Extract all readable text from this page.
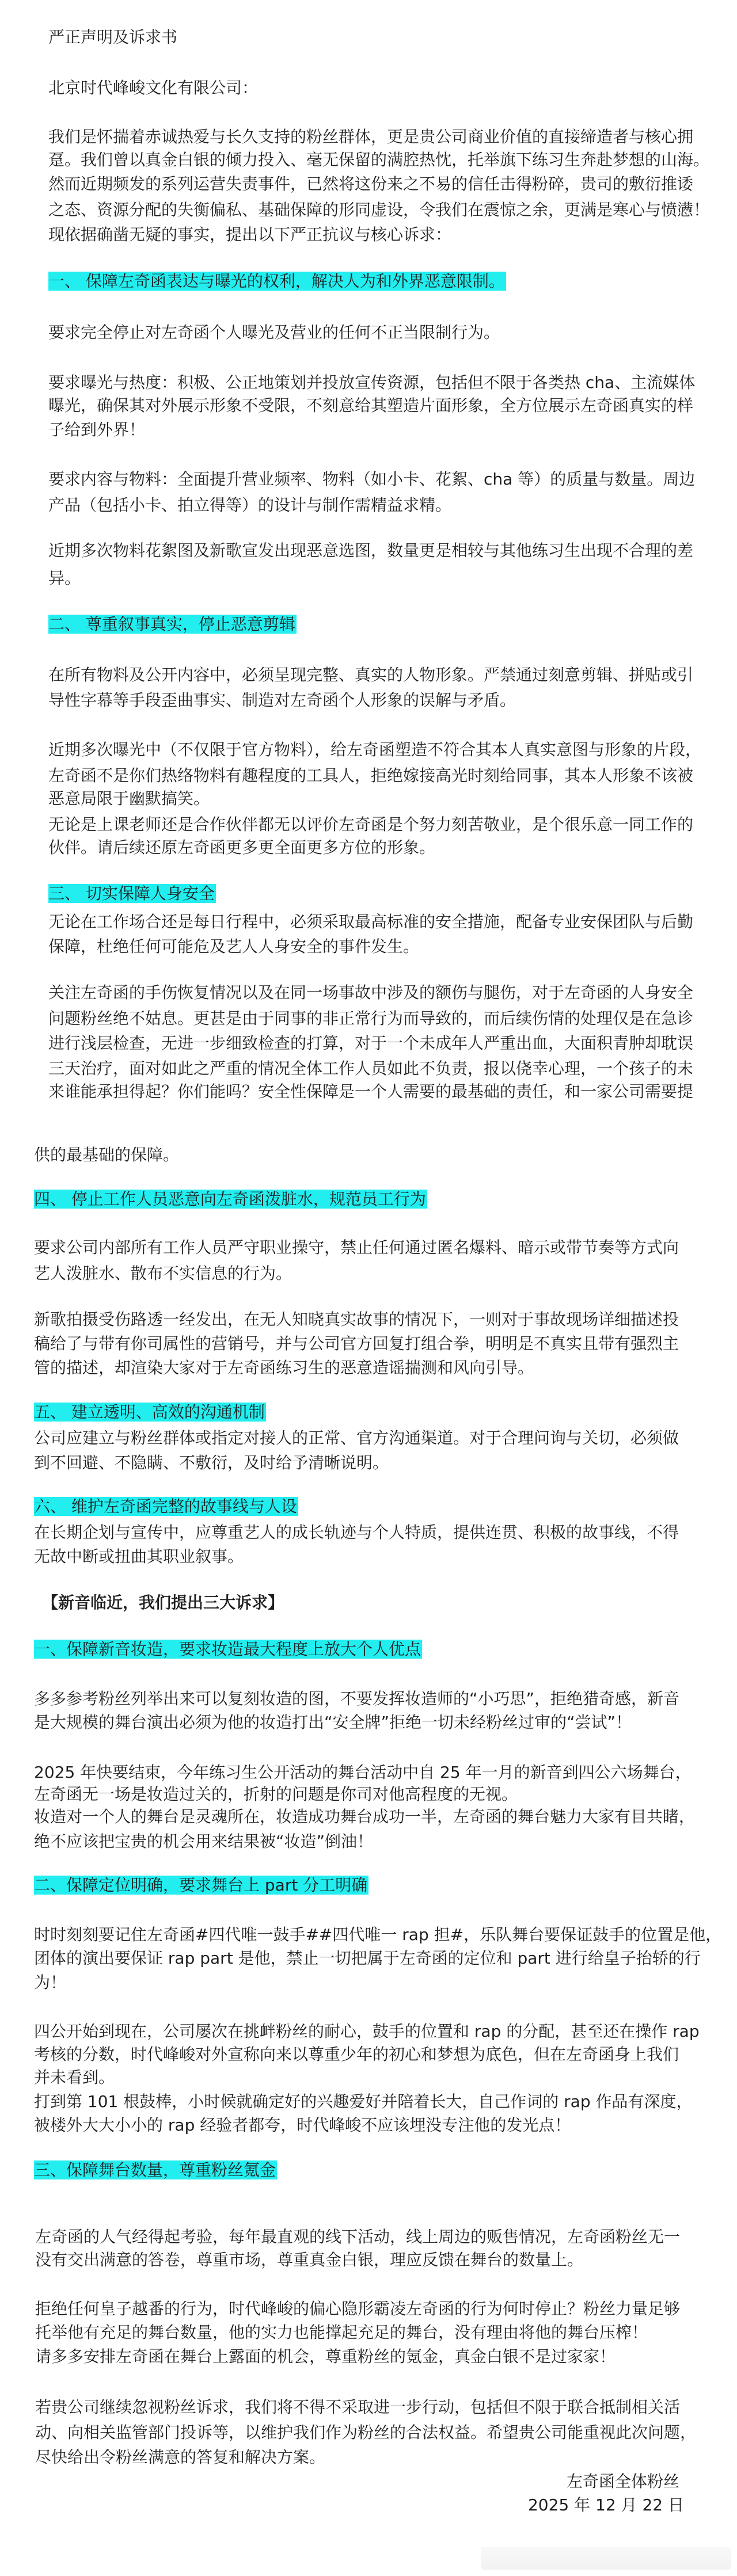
严正声明及诉求书
北京时代峰峻文化有限公司：
我们是怀揣着赤诚热爱与长久支持的粉丝群体，更是贵公司商业价值的直接缔造者与核心拥
趸。我们曾以真金白银的倾力投入、毫无保留的满腔热忱，托举旗下练习生奔赴梦想的山海。
然而近期频发的系列运营失责事件，已然将这份来之不易的信任击得粉碎，贵司的敷衍推诿
之态、资源分配的失衡偏私、基础保障的形同虚设，令我们在震惊之余，更满是寒心与愤懑！
现依据确凿无疑的事实，提出以下严正抗议与核心诉求：
一、 保障左奇函表达与曝光的权利，解决人为和外界恶意限制。
要求完全停止对左奇函个人曝光及营业的任何不正当限制行为。
要求曝光与热度：积极、公正地策划并投放宣传资源，包括但不限于各类热 cha、主流媒体
曝光，确保其对外展示形象不受限，不刻意给其塑造片面形象，全方位展示左奇函真实的样
子给到外界！
要求内容与物料：全面提升营业频率、物料（如小卡、花絮、cha 等）的质量与数量。周边
产品（包括小卡、拍立得等）的设计与制作需精益求精。
近期多次物料花絮图及新歌宣发出现恶意选图，数量更是相较与其他练习生出现不合理的差
异。
二、 尊重叙事真实，停止恶意剪辑
在所有物料及公开内容中，必须呈现完整、真实的人物形象。严禁通过刻意剪辑、拼贴或引
导性字幕等手段歪曲事实、制造对左奇函个人形象的误解与矛盾。
近期多次曝光中（不仅限于官方物料），给左奇函塑造不符合其本人真实意图与形象的片段，
左奇函不是你们热络物料有趣程度的工具人，拒绝嫁接高光时刻给同事，其本人形象不该被
恶意局限于幽默搞笑。
无论是上课老师还是合作伙伴都无以评价左奇函是个努力刻苦敬业，是个很乐意一同工作的
伙伴。请后续还原左奇函更多更全面更多方位的形象。
三、 切实保障人身安全
无论在工作场合还是每日行程中，必须采取最高标准的安全措施，配备专业安保团队与后勤
保障，杜绝任何可能危及艺人人身安全的事件发生。
关注左奇函的手伤恢复情况以及在同一场事故中涉及的额伤与腿伤，对于左奇函的人身安全
问题粉丝绝不姑息。更甚是由于同事的非正常行为而导致的，而后续伤情的处理仅是在急诊
进行浅层检查，无进一步细致检查的打算，对于一个未成年人严重出血，大面积青肿却耽误
三天治疗，面对如此之严重的情况全体工作人员如此不负责，报以侥幸心理，一个孩子的未
来谁能承担得起？你们能吗？安全性保障是一个人需要的最基础的责任，和一家公司需要提
供的最基础的保障。
四、 停止工作人员恶意向左奇函泼脏水，规范员工行为
要求公司内部所有工作人员严守职业操守，禁止任何通过匿名爆料、暗示或带节奏等方式向
艺人泼脏水、散布不实信息的行为。
新歌拍摄受伤路透一经发出，在无人知晓真实故事的情况下，一则对于事故现场详细描述投
稿给了与带有你司属性的营销号，并与公司官方回复打组合拳，明明是不真实且带有强烈主
管的描述，却渲染大家对于左奇函练习生的恶意造谣揣测和风向引导。
五、 建立透明、高效的沟通机制
公司应建立与粉丝群体或指定对接人的正常、官方沟通渠道。对于合理问询与关切，必须做
到不回避、不隐瞒、不敷衍，及时给予清晰说明。
六、 维护左奇函完整的故事线与人设
在长期企划与宣传中，应尊重艺人的成长轨迹与个人特质，提供连贯、积极的故事线，不得
无故中断或扭曲其职业叙事。
【新音临近，我们提出三大诉求】
一、保障新音妆造，要求妆造最大程度上放大个人优点
多多参考粉丝列举出来可以复刻妆造的图，不要发挥妆造师的“小巧思”，拒绝猎奇感，新音
是大规模的舞台演出必须为他的妆造打出“安全牌”拒绝一切未经粉丝过审的“尝试”！
2025 年快要结束，今年练习生公开活动的舞台活动中自 25 年一月的新音到四公六场舞台，
左奇函无一场是妆造过关的，折射的问题是你司对他高程度的无视。
妆造对一个人的舞台是灵魂所在，妆造成功舞台成功一半，左奇函的舞台魅力大家有目共睹，
绝不应该把宝贵的机会用来结果被“妆造”倒油！
二、保障定位明确，要求舞台上 part 分工明确
时时刻刻要记住左奇函#四代唯一鼓手##四代唯一 rap 担#，乐队舞台要保证鼓手的位置是他，
团体的演出要保证 rap part 是他，禁止一切把属于左奇函的定位和 part 进行给皇子抬轿的行
为！
四公开始到现在，公司屡次在挑衅粉丝的耐心，鼓手的位置和 rap 的分配，甚至还在操作 rap
考核的分数，时代峰峻对外宣称向来以尊重少年的初心和梦想为底色，但在左奇函身上我们
并未看到。
打到第 101 根鼓棒，小时候就确定好的兴趣爱好并陪着长大，自己作词的 rap 作品有深度，
被楼外大大小小的 rap 经验者都夸，时代峰峻不应该埋没专注他的发光点！
三、保障舞台数量，尊重粉丝氪金
左奇函的人气经得起考验，每年最直观的线下活动，线上周边的贩售情况，左奇函粉丝无一
没有交出满意的答卷，尊重市场，尊重真金白银，理应反馈在舞台的数量上。
拒绝任何皇子越番的行为，时代峰峻的偏心隐形霸凌左奇函的行为何时停止？粉丝力量足够
托举他有充足的舞台数量，他的实力也能撑起充足的舞台，没有理由将他的舞台压榨！
请多多安排左奇函在舞台上露面的机会，尊重粉丝的氪金，真金白银不是过家家！
若贵公司继续忽视粉丝诉求，我们将不得不采取进一步行动，包括但不限于联合抵制相关活
动、向相关监管部门投诉等，以维护我们作为粉丝的合法权益。希望贵公司能重视此次问题，
尽快给出令粉丝满意的答复和解决方案。
左奇函全体粉丝
2025 年 12 月 22 日
